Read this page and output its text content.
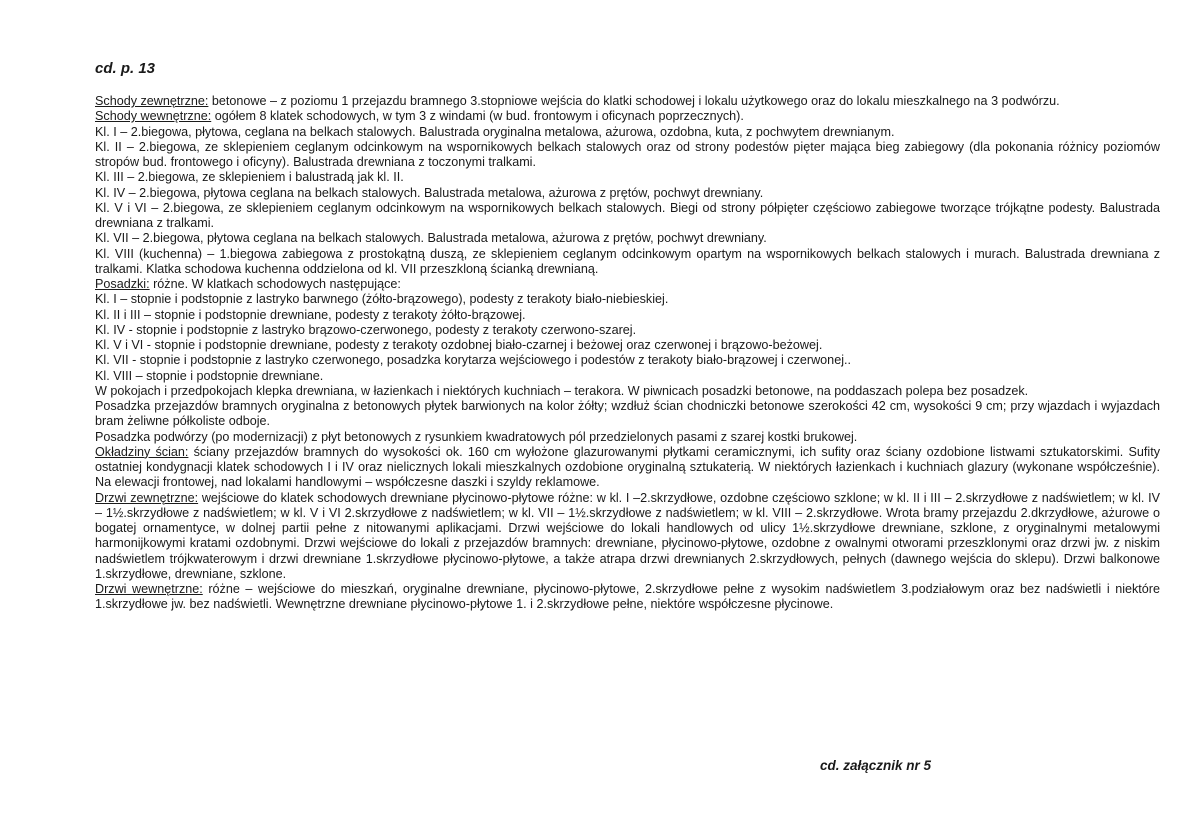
cd. p. 13

Schody zewnętrzne: betonowe – z poziomu 1 przejazdu bramnego 3.stopniowe wejścia do klatki schodowej i lokalu użytkowego oraz do lokalu mieszkalnego na 3 podwórzu.

Schody wewnętrzne: ogółem 8 klatek schodowych, w tym 3 z windami (w bud. frontowym i oficynach poprzecznych).

Kl. I – 2.biegowa, płytowa, ceglana na belkach stalowych. Balustrada oryginalna metalowa, ażurowa, ozdobna, kuta, z pochwytem drewnianym.

Kl. II – 2.biegowa, ze sklepieniem ceglanym odcinkowym na wspornikowych belkach stalowych oraz od strony podestów pięter mająca bieg zabiegowy (dla pokonania różnicy poziomów stropów bud. frontowego i oficyny). Balustrada drewniana z toczonymi tralkami.

Kl. III – 2.biegowa, ze sklepieniem i balustradą jak kl. II.

Kl. IV – 2.biegowa, płytowa ceglana na belkach stalowych. Balustrada metalowa, ażurowa z prętów, pochwyt drewniany.

Kl. V i VI – 2.biegowa, ze sklepieniem ceglanym odcinkowym na wspornikowych belkach stalowych. Biegi od strony półpięter częściowo zabiegowe tworzące trójkątne podesty. Balustrada drewniana z tralkami.

Kl. VII – 2.biegowa, płytowa ceglana na belkach stalowych. Balustrada metalowa, ażurowa z prętów, pochwyt drewniany.

Kl. VIII (kuchenna) – 1.biegowa zabiegowa z prostokątną duszą, ze sklepieniem ceglanym odcinkowym opartym na wspornikowych belkach stalowych i murach. Balustrada drewniana z tralkami. Klatka schodowa kuchenna oddzielona od kl. VII przeszkloną ścianką drewnianą.

Posadzki: różne. W klatkach schodowych następujące:

Kl. I – stopnie i podstopnie z lastryko barwnego (żółto-brązowego), podesty z terakoty biało-niebieskiej.

Kl. II i III – stopnie i podstopnie drewniane, podesty z terakoty żółto-brązowej.

Kl. IV - stopnie i podstopnie z lastryko brązowo-czerwonego, podesty z terakoty czerwono-szarej.

Kl. V i VI - stopnie i podstopnie drewniane, podesty z terakoty ozdobnej biało-czarnej i beżowej oraz czerwonej i brązowo-beżowej.

Kl. VII - stopnie i podstopnie z lastryko czerwonego, posadzka korytarza wejściowego i podestów z terakoty biało-brązowej i czerwonej..

Kl. VIII – stopnie i podstopnie drewniane.

W pokojach i przedpokojach klepka drewniana, w łazienkach i niektórych kuchniach – terakora. W piwnicach posadzki betonowe, na poddaszach polepa bez posadzek.

Posadzka przejazdów bramnych oryginalna z betonowych płytek barwionych na kolor żółty; wzdłuż ścian chodniczki betonowe szerokości 42 cm, wysokości 9 cm; przy wjazdach i wyjazdach bram żeliwne półkoliste odboje.

Posadzka podwórzy (po modernizacji) z płyt betonowych z rysunkiem kwadratowych pól przedzielonych pasami z szarej kostki brukowej.

Okładziny ścian: ściany przejazdów bramnych do wysokości ok. 160 cm wyłożone glazurowanymi płytkami ceramicznymi, ich sufity oraz ściany ozdobione listwami sztukatorskimi. Sufity ostatniej kondygnacji klatek schodowych I i IV oraz nielicznych lokali mieszkalnych ozdobione oryginalną sztukaterią. W niektórych łazienkach i kuchniach glazury (wykonane współcześnie). Na elewacji frontowej, nad lokalami handlowymi – współczesne daszki i szyldy reklamowe.

Drzwi zewnętrzne: wejściowe do klatek schodowych drewniane płycinowo-płytowe różne: w kl. I –2.skrzydłowe, ozdobne częściowo szklone; w kl. II i III – 2.skrzydłowe z nadświetlem; w kl. IV – 1½.skrzydłowe z nadświetlem; w kl. V i VI 2.skrzydłowe z nadświetlem; w kl. VII – 1½.skrzydłowe z nadświetlem; w kl. VIII – 2.skrzydłowe. Wrota bramy przejazdu 2.dkrzydłowe, ażurowe o bogatej ornamentyce, w dolnej partii pełne z nitowanymi aplikacjami. Drzwi wejściowe do lokali handlowych od ulicy 1½.skrzydłowe drewniane, szklone, z oryginalnymi metalowymi harmonijkowymi kratami ozdobnymi. Drzwi wejściowe do lokali z przejazdów bramnych: drewniane, płycinowo-płytowe, ozdobne z owalnymi otworami przeszklonymi oraz drzwi jw. z niskim nadświetlem trójkwaterowym i drzwi drewniane 1.skrzydłowe płycinowo-płytowe, a także atrapa drzwi drewnianych 2.skrzydłowych, pełnych (dawnego wejścia do sklepu). Drzwi balkonowe 1.skrzydłowe, drewniane, szklone.

Drzwi wewnętrzne: różne – wejściowe do mieszkań, oryginalne drewniane, płycinowo-płytowe, 2.skrzydłowe pełne z wysokim nadświetlem 3.podziałowym oraz bez nadświetli i niektóre 1.skrzydłowe jw. bez nadświetli. Wewnętrzne drewniane płycinowo-płytowe 1. i 2.skrzydłowe pełne, niektóre współczesne płycinowe.

cd. załącznik nr 5
